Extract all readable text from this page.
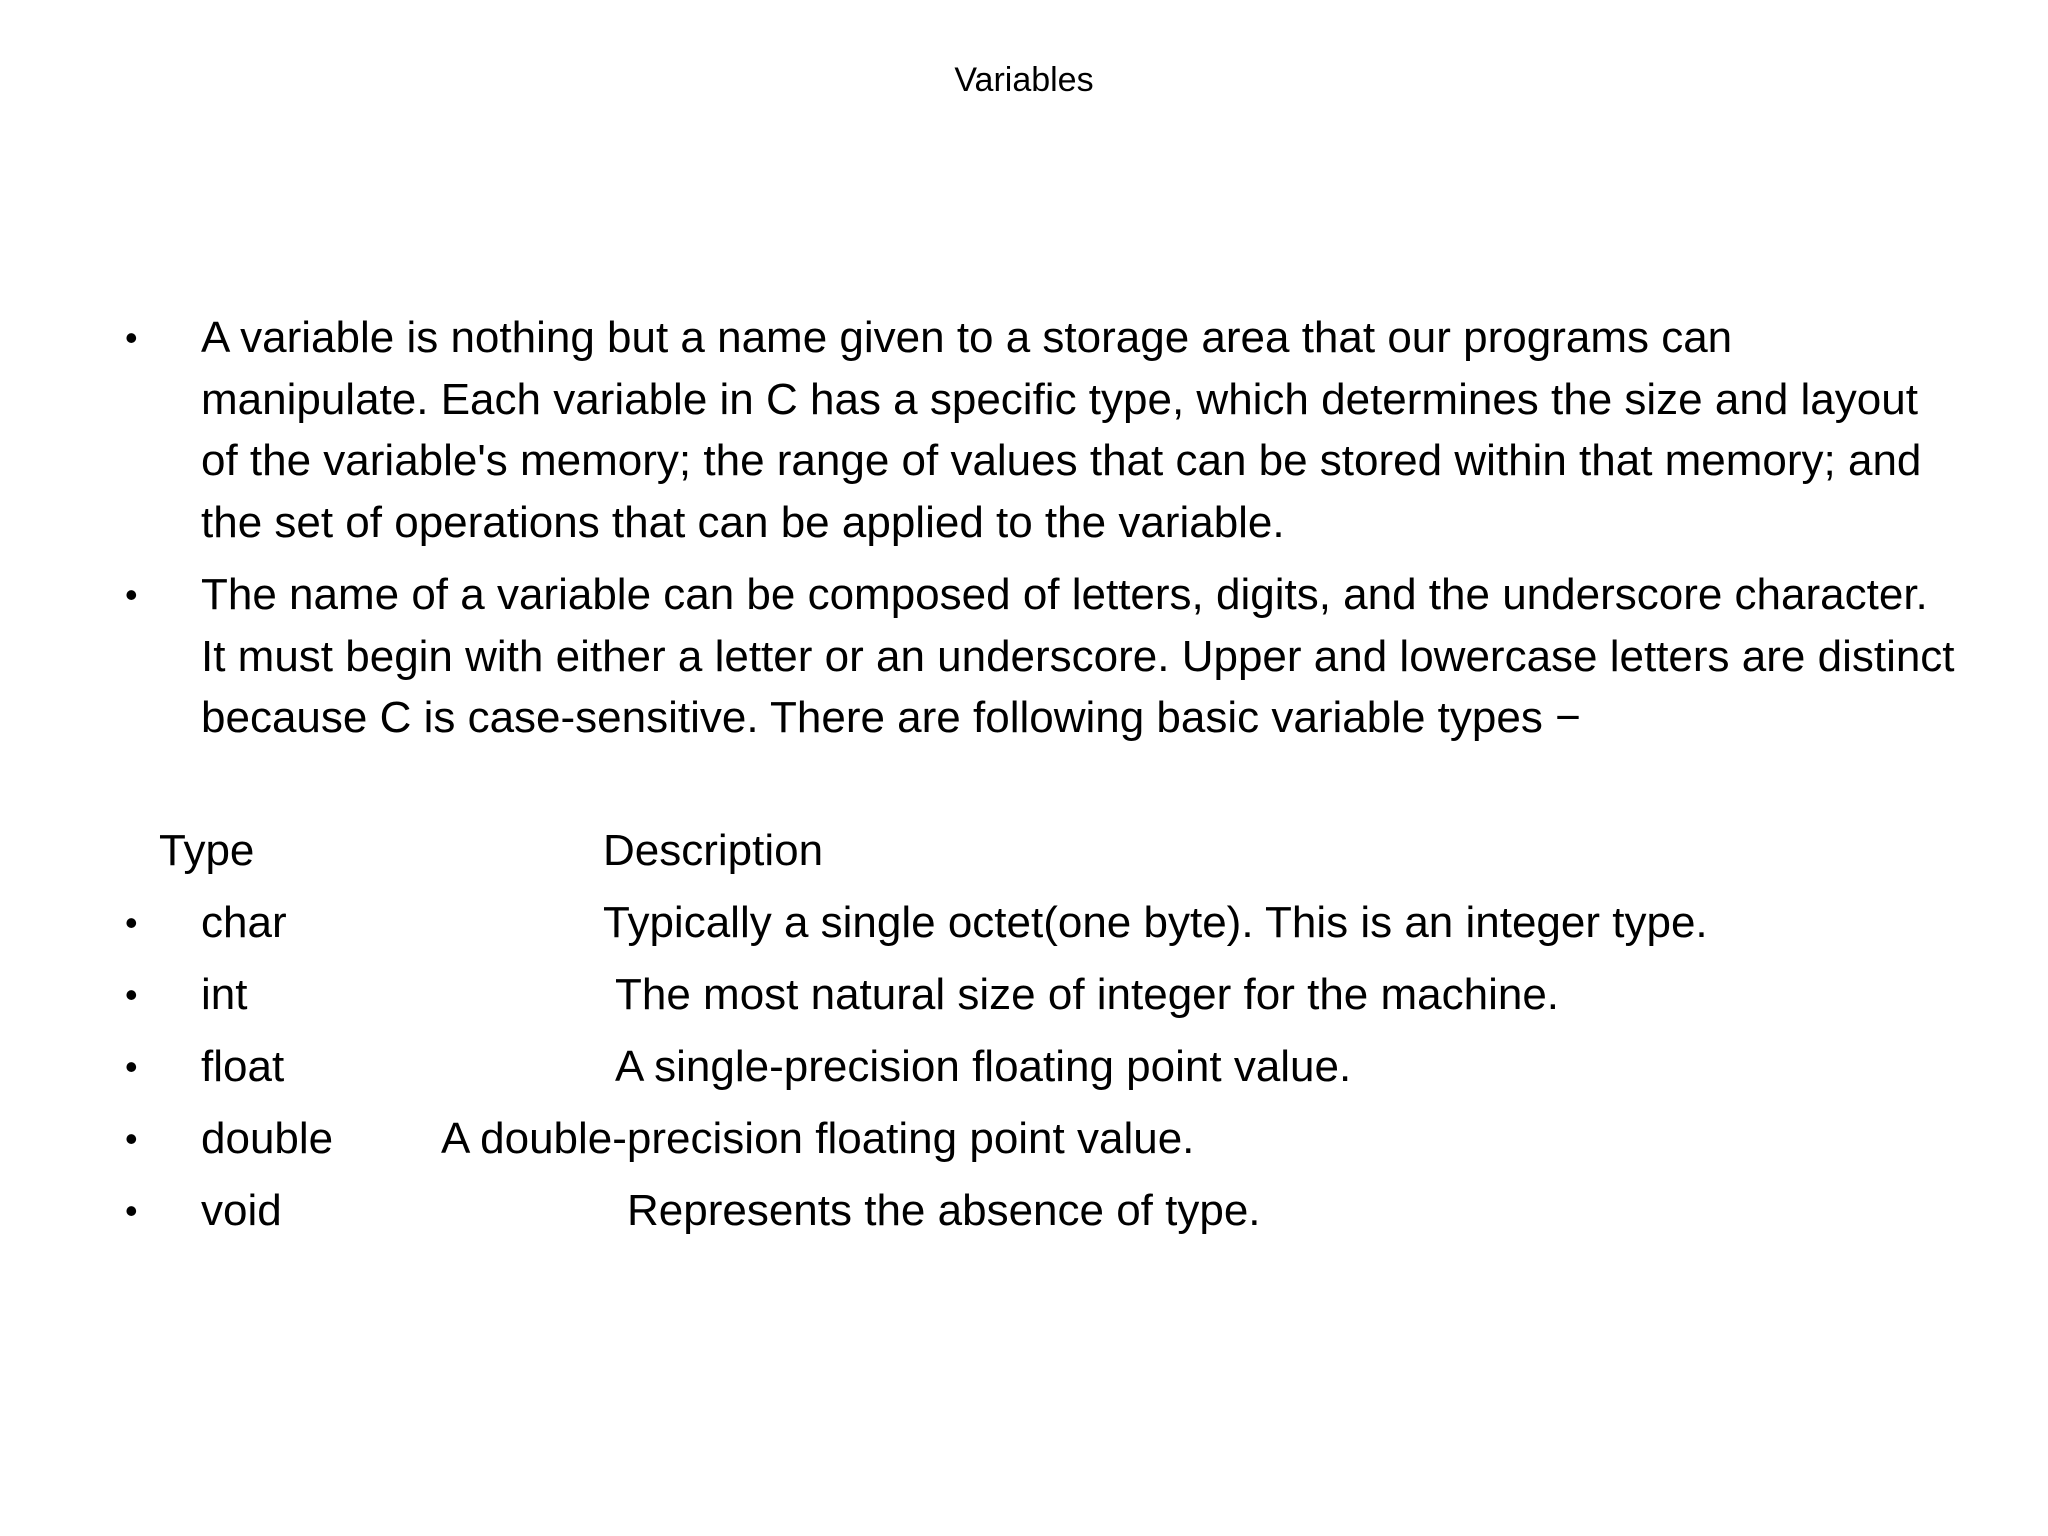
Variables
• A variable is nothing but a name given to a storage area that our programs can manipulate. Each variable in C has a specific type, which determines the size and layout of the variable's memory; the range of values that can be stored within that memory; and the set of operations that can be applied to the variable.
• The name of a variable can be composed of letters, digits, and the underscore character. It must begin with either a letter or an underscore. Upper and lowercase letters are distinct because C is case-sensitive. There are following basic variable types −
Type	Description
• char	Typically a single octet(one byte). This is an integer type.
• int	The most natural size of integer for the machine.
• float	A single-precision floating point value.
• double A double-precision floating point value.
• void	Represents the absence of type.
